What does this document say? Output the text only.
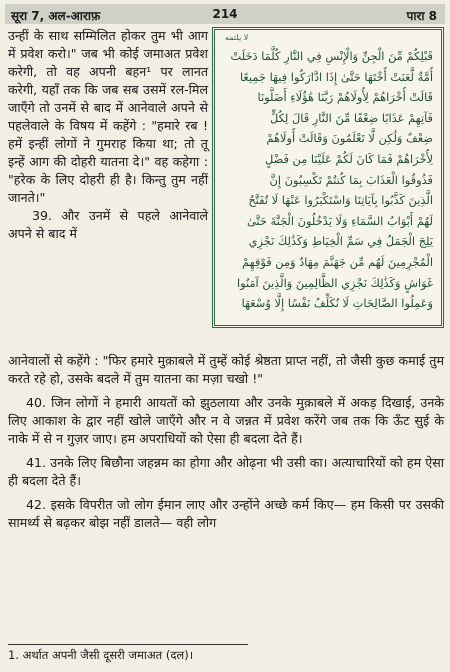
सूरा 7, अल-आराफ़	214	पारा 8
لا يلتمه
قَبْلِكُمْ مِّنَ الْجِنِّ وَالْإِنْسِ فِي النَّارِ كُلَّمَا دَخَلَتْ
أُمَّةٌ لَّعَنَتْ أُخْتَهَا حَتَّىٰ إِذَا ادَّارَكُوا فِيهَا جَمِيعًا
قَالَتْ أُخْرَاهُمْ لِأُولَاهُمْ رَبَّنَا هَٰؤُلَاءِ أَضَلُّونَا
فَآتِهِمْ عَذَابًا ضِعْفًا مِّنَ النَّارِ قَالَ لِكُلٍّ
ضِعْفٌ وَلَٰكِن لَّا تَعْلَمُونَ وَقَالَتْ أُولَاهُمْ
لِأُخْرَاهُمْ فَمَا كَانَ لَكُمْ عَلَيْنَا مِن فَضْلٍ
فَذُوقُوا الْعَذَابَ بِمَا كُنتُمْ تَكْسِبُونَ إِنَّ
الَّذِينَ كَذَّبُوا بِآيَاتِنَا وَاسْتَكْبَرُوا عَنْهَا لَا تُفَتَّحُ
لَهُمْ أَبْوَابُ السَّمَاءِ وَلَا يَدْخُلُونَ الْجَنَّةَ حَتَّىٰ
يَلِجَ الْجَمَلُ فِي سَمِّ الْخِيَاطِ وَكَذَٰلِكَ نَجْزِي
الْمُجْرِمِينَ لَهُم مِّن جَهَنَّمَ مِهَادٌ وَمِن فَوْقِهِمْ
غَوَاشٍ وَكَذَٰلِكَ نَجْزِي الظَّالِمِينَ وَالَّذِينَ آمَنُوا
وَعَمِلُوا الصَّالِحَاتِ لَا نُكَلِّفُ نَفْسًا إِلَّا وُسْعَهَا

उन्हीं के साथ सम्मिलित होकर तुम भी आग में प्रवेश करो।" जब भी कोई जमाअत प्रवेश करेगी, तो वह अपनी बहन¹ पर लानत करेगी, यहाँ तक कि जब सब उसमें रल-मिल जाएँगे तो उनमें से बाद में आनेवाले अपने से पहलेवाले के विषय में कहेंगे : "हमारे रब ! हमें इन्हीं लोगों ने गुमराह किया था; तो तू इन्हें आग की दोहरी यातना दे।" वह कहेगा : "हरेक के लिए दोहरी ही है। किन्तु तुम नहीं जानते।"

39. और उनमें से पहले आनेवाले अपने से बाद में

आनेवालों से कहेंगे : "फिर हमारे मुक़ाबले में तुम्हें कोई श्रेष्ठता प्राप्त नहीं, तो जैसी कुछ कमाई तुम करते रहे हो, उसके बदले में तुम यातना का मज़ा चखो !"

40. जिन लोगों ने हमारी आयतों को झुठलाया और उनके मुक़ाबले में अकड़ दिखाई, उनके लिए आकाश के द्वार नहीं खोले जाएँगे और न वे जन्नत में प्रवेश करेंगे जब तक कि ऊँट सुई के नाके में से न गुज़र जाए। हम अपराधियों को ऐसा ही बदला देते हैं।

41. उनके लिए बिछौना जहन्नम का होगा और ओढ़ना भी उसी का। अत्याचारियों को हम ऐसा ही बदला देते हैं।

42. इसके विपरीत जो लोग ईमान लाए और उन्होंने अच्छे कर्म किए— हम किसी पर उसकी सामर्थ्य से बढ़कर बोझ नहीं डालते— वही लोग

1. अर्थात अपनी जैसी दूसरी जमाअत (दल)।
